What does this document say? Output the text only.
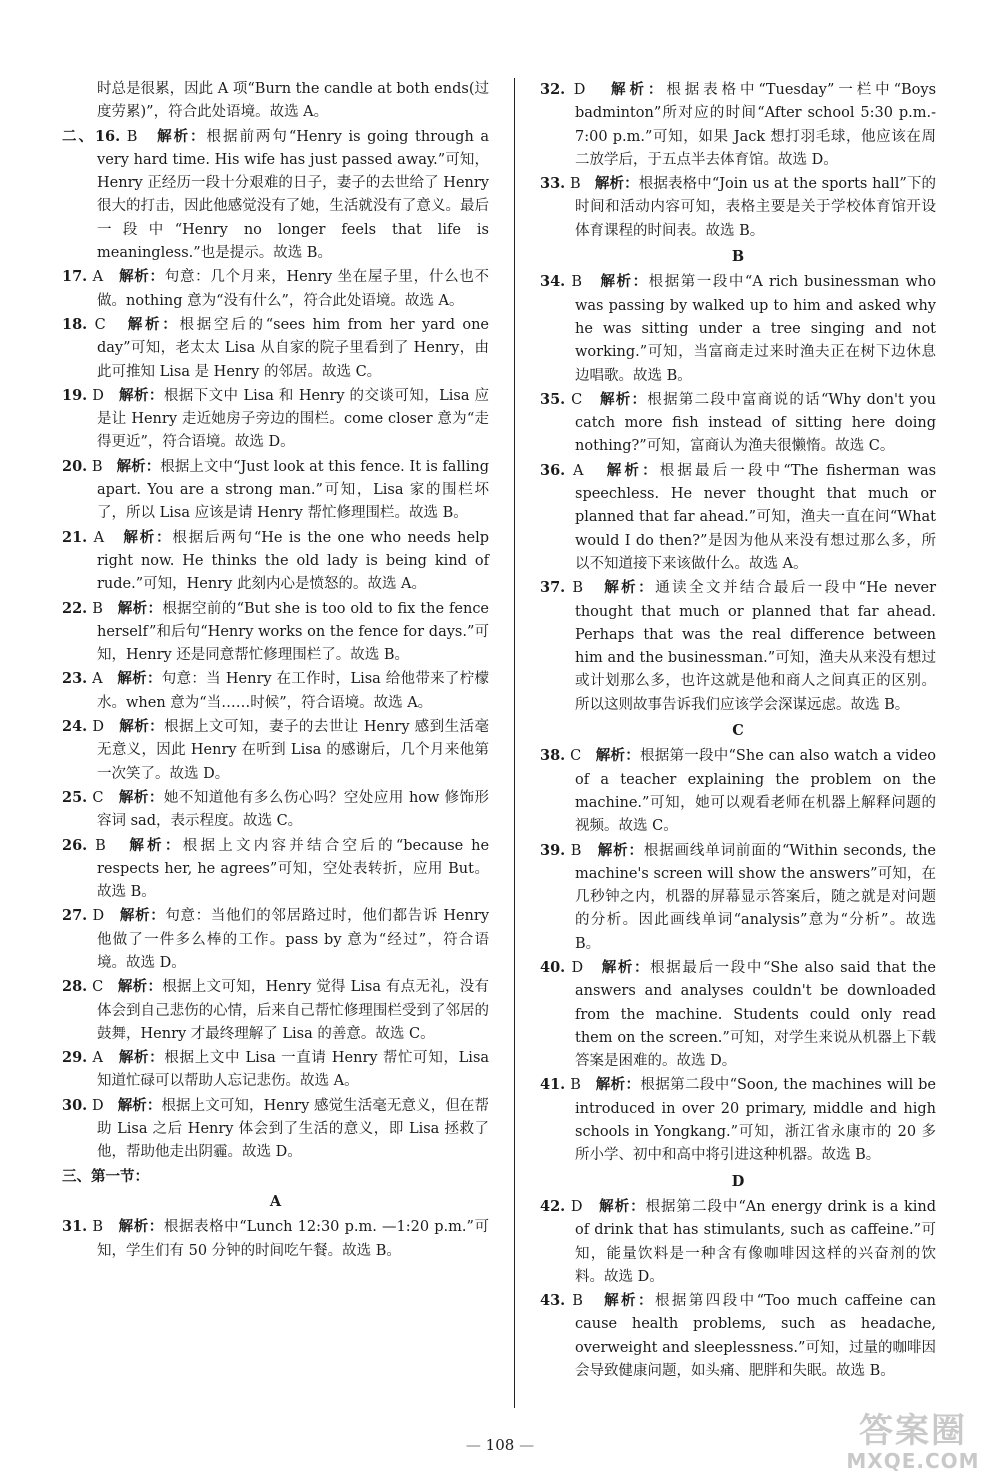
时总是很累，因此 A 项“Burn the candle at both ends(过度劳累)”，符合此处语境。故选 A。
二、16. B 解析：根据前两句“Henry is going through a very hard time. His wife has just passed away.”可知，Henry 正经历一段十分艰难的日子，妻子的去世给了 Henry 很大的打击，因此他感觉没有了她，生活就没有了意义。最后一段中“Henry no longer feels that life is meaningless.”也是提示。故选 B。
17. A 解析：句意：几个月来，Henry 坐在屋子里，什么也不做。nothing 意为“没有什么”，符合此处语境。故选 A。
18. C 解析：根据空后的“sees him from her yard one day”可知，老太太 Lisa 从自家的院子里看到了 Henry，由此可推知 Lisa 是 Henry 的邻居。故选 C。
19. D 解析：根据下文中 Lisa 和 Henry 的交谈可知，Lisa 应是让 Henry 走近她房子旁边的围栏。come closer 意为“走得更近”，符合语境。故选 D。
20. B 解析：根据上文中“Just look at this fence. It is falling apart. You are a strong man.”可知，Lisa 家的围栏坏了，所以 Lisa 应该是请 Henry 帮忙修理围栏。故选 B。
21. A 解析：根据后两句“He is the one who needs help right now. He thinks the old lady is being kind of rude.”可知，Henry 此刻内心是愤怒的。故选 A。
22. B 解析：根据空前的“But she is too old to fix the fence herself”和后句“Henry works on the fence for days.”可知，Henry 还是同意帮忙修理围栏了。故选 B。
23. A 解析：句意：当 Henry 在工作时，Lisa 给他带来了柠檬水。when 意为“当……时候”，符合语境。故选 A。
24. D 解析：根据上文可知，妻子的去世让 Henry 感到生活毫无意义，因此 Henry 在听到 Lisa 的感谢后，几个月来他第一次笑了。故选 D。
25. C 解析：她不知道他有多么伤心吗？空处应用 how 修饰形容词 sad，表示程度。故选 C。
26. B 解析：根据上文内容并结合空后的“because he respects her, he agrees”可知，空处表转折，应用 But。故选 B。
27. D 解析：句意：当他们的邻居路过时，他们都告诉 Henry 他做了一件多么棒的工作。pass by 意为“经过”，符合语境。故选 D。
28. C 解析：根据上文可知，Henry 觉得 Lisa 有点无礼，没有体会到自己悲伤的心情，后来自己帮忙修理围栏受到了邻居的鼓舞，Henry 才最终理解了 Lisa 的善意。故选 C。
29. A 解析：根据上文中 Lisa 一直请 Henry 帮忙可知，Lisa 知道忙碌可以帮助人忘记悲伤。故选 A。
30. D 解析：根据上文可知，Henry 感觉生活毫无意义，但在帮助 Lisa 之后 Henry 体会到了生活的意义，即 Lisa 拯救了他，帮助他走出阴霾。故选 D。
三、第一节：
A
31. B 解析：根据表格中“Lunch 12:30 p.m. —1:20 p.m.”可知，学生们有 50 分钟的时间吃午餐。故选 B。
32. D 解析：根据表格中“Tuesday”一栏中“Boys badminton”所对应的时间“After school 5:30 p.m.- 7:00 p.m.”可知，如果 Jack 想打羽毛球，他应该在周二放学后，于五点半去体育馆。故选 D。
33. B 解析：根据表格中“Join us at the sports hall”下的时间和活动内容可知，表格主要是关于学校体育馆开设体育课程的时间表。故选 B。
B
34. B 解析：根据第一段中“A rich businessman who was passing by walked up to him and asked why he was sitting under a tree singing and not working.”可知，当富商走过来时渔夫正在树下边休息边唱歌。故选 B。
35. C 解析：根据第二段中富商说的话“Why don't you catch more fish instead of sitting here doing nothing?”可知，富商认为渔夫很懒惰。故选 C。
36. A 解析：根据最后一段中“The fisherman was speechless. He never thought that much or planned that far ahead.”可知，渔夫一直在问“What would I do then?”是因为他从来没有想过那么多，所以不知道接下来该做什么。故选 A。
37. B 解析：通读全文并结合最后一段中“He never thought that much or planned that far ahead. Perhaps that was the real difference between him and the businessman.”可知，渔夫从来没有想过或计划那么多，也许这就是他和商人之间真正的区别。所以这则故事告诉我们应该学会深谋远虑。故选 B。
C
38. C 解析：根据第一段中“She can also watch a video of a teacher explaining the problem on the machine.”可知，她可以观看老师在机器上解释问题的视频。故选 C。
39. B 解析：根据画线单词前面的“Within seconds, the machine's screen will show the answers”可知，在几秒钟之内，机器的屏幕显示答案后，随之就是对问题的分析。因此画线单词“analysis”意为“分析”。故选 B。
40. D 解析：根据最后一段中“She also said that the answers and analyses couldn't be downloaded from the machine. Students could only read them on the screen.”可知，对学生来说从机器上下载答案是困难的。故选 D。
41. B 解析：根据第二段中“Soon, the machines will be introduced in over 20 primary, middle and high schools in Yongkang.”可知，浙江省永康市的 20 多所小学、初中和高中将引进这种机器。故选 B。
D
42. D 解析：根据第二段中“An energy drink is a kind of drink that has stimulants, such as caffeine.”可知，能量饮料是一种含有像咖啡因这样的兴奋剂的饮料。故选 D。
43. B 解析：根据第四段中“Too much caffeine can cause health problems, such as headache, overweight and sleeplessness.”可知，过量的咖啡因会导致健康问题，如头痛、肥胖和失眠。故选 B。
— 108 —	答案圈
MXQE.COM
